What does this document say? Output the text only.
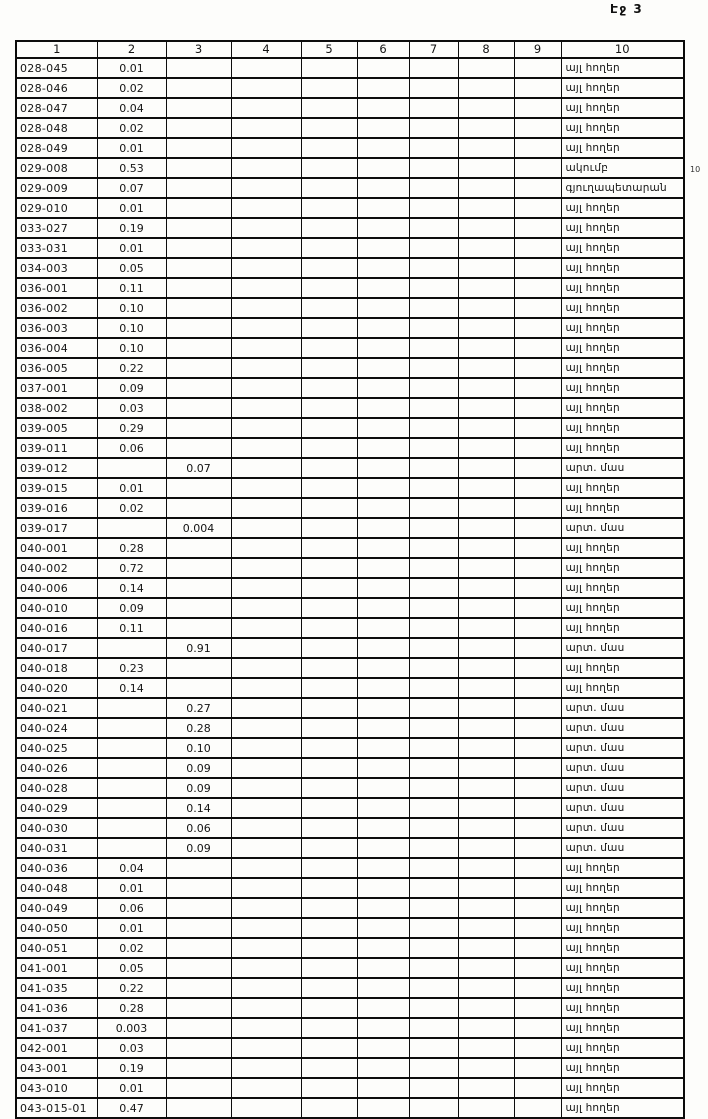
Էջ 3
10
1	2	3	4	5	6	7	8	9	10
028-045	0.01								այլ հողեր
028-046	0.02								այլ հողեր
028-047	0.04								այլ հողեր
028-048	0.02								այլ հողեր
028-049	0.01								այլ հողեր
029-008	0.53								ակումբ
029-009	0.07								գյուղապետարան
029-010	0.01								այլ հողեր
033-027	0.19								այլ հողեր
033-031	0.01								այլ հողեր
034-003	0.05								այլ հողեր
036-001	0.11								այլ հողեր
036-002	0.10								այլ հողեր
036-003	0.10								այլ հողեր
036-004	0.10								այլ հողեր
036-005	0.22								այլ հողեր
037-001	0.09								այլ հողեր
038-002	0.03								այլ հողեր
039-005	0.29								այլ հողեր
039-011	0.06								այլ հողեր
039-012		0.07							արտ. մաս
039-015	0.01								այլ հողեր
039-016	0.02								այլ հողեր
039-017		0.004							արտ. մաս
040-001	0.28								այլ հողեր
040-002	0.72								այլ հողեր
040-006	0.14								այլ հողեր
040-010	0.09								այլ հողեր
040-016	0.11								այլ հողեր
040-017		0.91							արտ. մաս
040-018	0.23								այլ հողեր
040-020	0.14								այլ հողեր
040-021		0.27							արտ. մաս
040-024		0.28							արտ. մաս
040-025		0.10							արտ. մաս
040-026		0.09							արտ. մաս
040-028		0.09							արտ. մաս
040-029		0.14							արտ. մաս
040-030		0.06							արտ. մաս
040-031		0.09							արտ. մաս
040-036	0.04								այլ հողեր
040-048	0.01								այլ հողեր
040-049	0.06								այլ հողեր
040-050	0.01								այլ հողեր
040-051	0.02								այլ հողեր
041-001	0.05								այլ հողեր
041-035	0.22								այլ հողեր
041-036	0.28								այլ հողեր
041-037	0.003								այլ հողեր
042-001	0.03								այլ հողեր
043-001	0.19								այլ հողեր
043-010	0.01								այլ հողեր
043-015-01	0.47								այլ հողեր
